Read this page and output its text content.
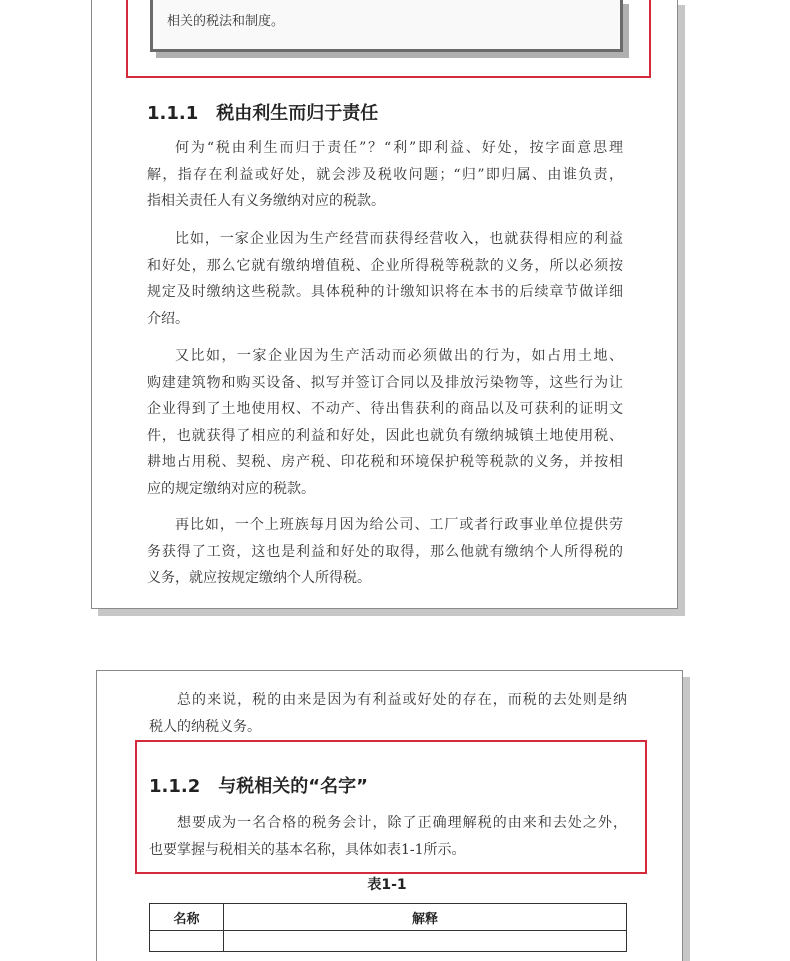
相关的税法和制度。
1.1.1 税由利生而归于责任
何为“税由利生而归于责任”？“利”即利益、好处，按字面意思理
解，指存在利益或好处，就会涉及税收问题；“归”即归属、由谁负责，
指相关责任人有义务缴纳对应的税款。
比如，一家企业因为生产经营而获得经营收入，也就获得相应的利益
和好处，那么它就有缴纳增值税、企业所得税等税款的义务，所以必须按
规定及时缴纳这些税款。具体税种的计缴知识将在本书的后续章节做详细
介绍。
又比如，一家企业因为生产活动而必须做出的行为，如占用土地、
购建建筑物和购买设备、拟写并签订合同以及排放污染物等，这些行为让
企业得到了土地使用权、不动产、待出售获利的商品以及可获利的证明文
件，也就获得了相应的利益和好处，因此也就负有缴纳城镇土地使用税、
耕地占用税、契税、房产税、印花税和环境保护税等税款的义务，并按相
应的规定缴纳对应的税款。
再比如，一个上班族每月因为给公司、工厂或者行政事业单位提供劳
务获得了工资，这也是利益和好处的取得，那么他就有缴纳个人所得税的
义务，就应按规定缴纳个人所得税。
总的来说，税的由来是因为有利益或好处的存在，而税的去处则是纳
税人的纳税义务。
1.1.2 与税相关的“名字”
想要成为一名合格的税务会计，除了正确理解税的由来和去处之外，
也要掌握与税相关的基本名称，具体如表1-1所示。
表1-1
名称	解释
